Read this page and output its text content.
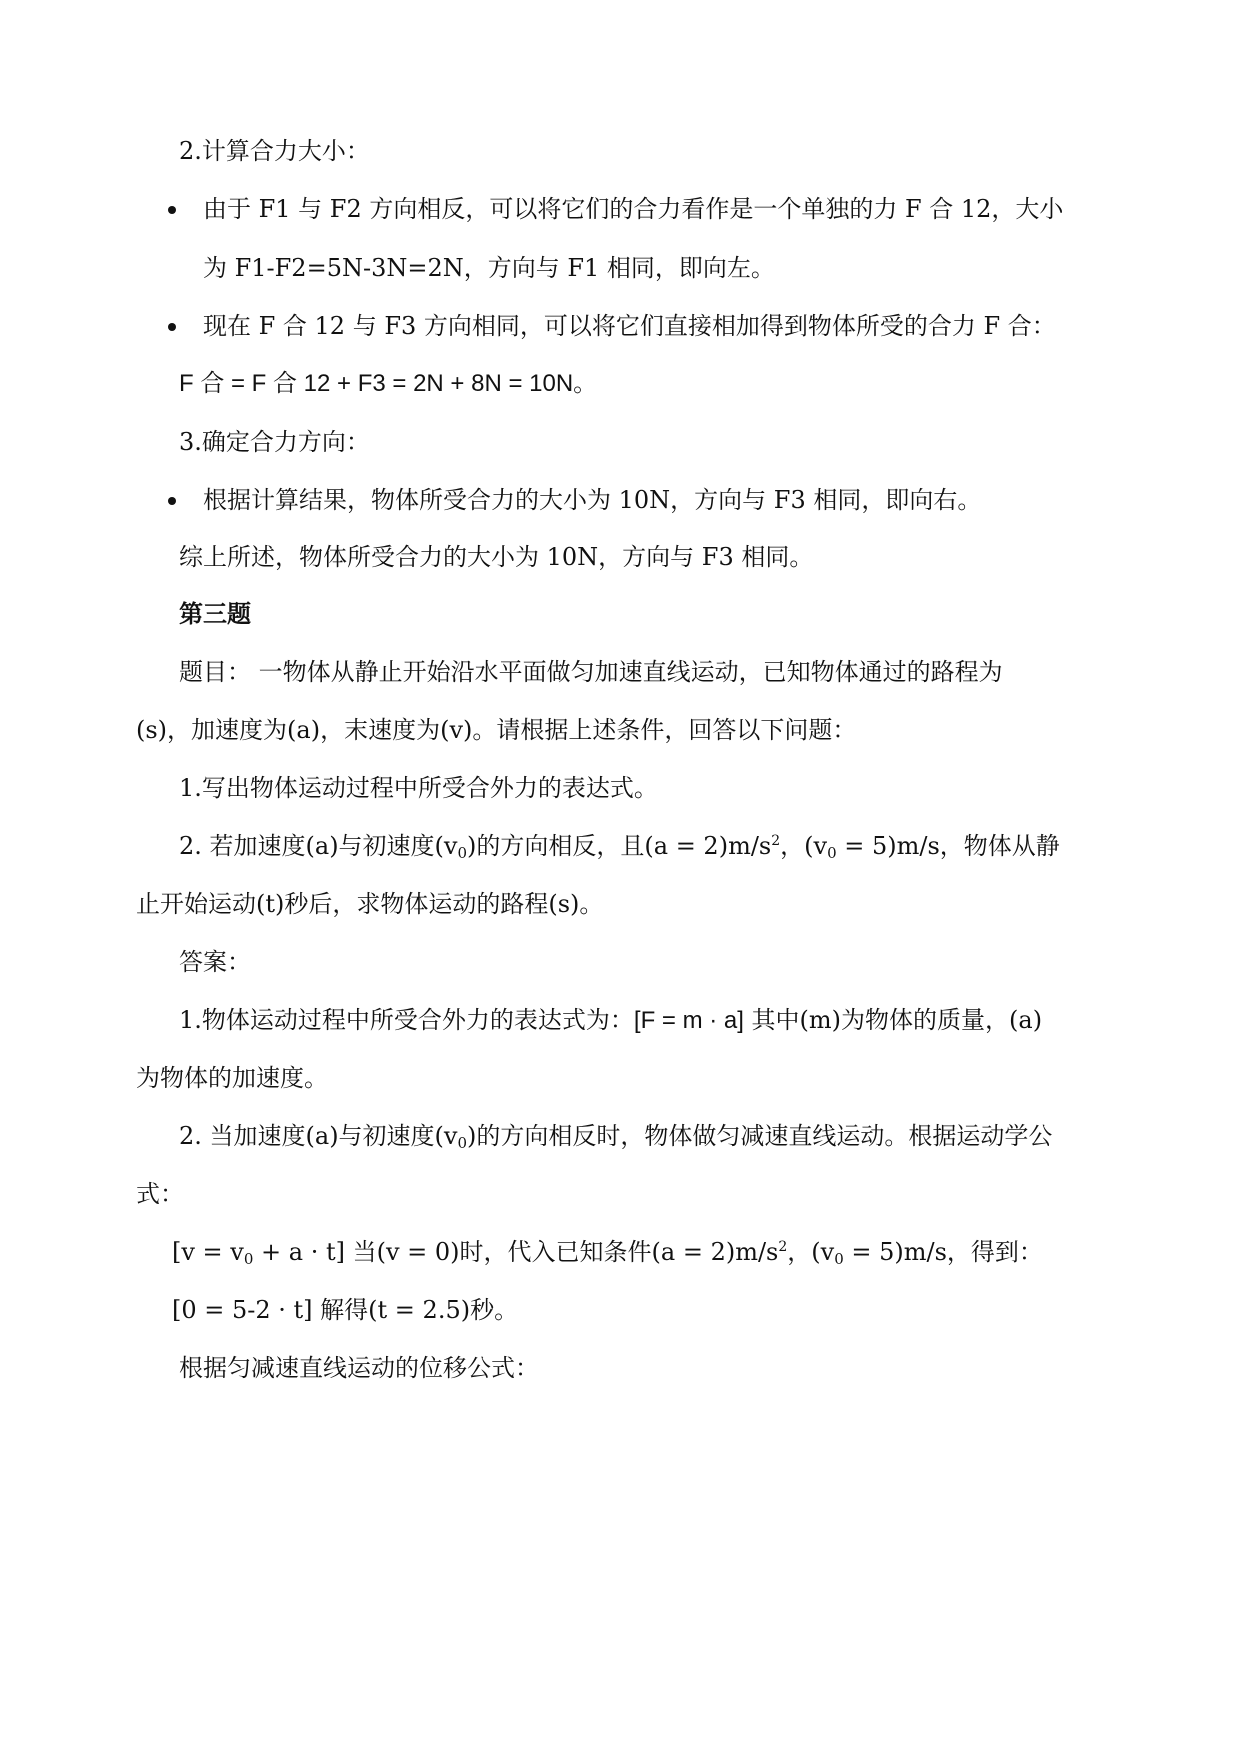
2.计算合力大小：
由于 F1 与 F2 方向相反，可以将它们的合力看作是一个单独的力 F 合 12，大小
为 F1-F2=5N-3N=2N，方向与 F1 相同，即向左。
现在 F 合 12 与 F3 方向相同，可以将它们直接相加得到物体所受的合力 F 合：
F 合 = F 合 12 + F3 = 2N + 8N = 10N。
3.确定合力方向：
根据计算结果，物体所受合力的大小为 10N，方向与 F3 相同，即向右。
综上所述，物体所受合力的大小为 10N，方向与 F3 相同。
第三题
题目： 一物体从静止开始沿水平面做匀加速直线运动，已知物体通过的路程为
(s)，加速度为(a)，末速度为(v)。请根据上述条件，回答以下问题：
1.写出物体运动过程中所受合外力的表达式。
2. 若加速度(a)与初速度$(v_0)$的方向相反，且$(a = 2)m/s^2$，$(v_0 = 5)m/s$，物体从静
止开始运动(t)秒后，求物体运动的路程(s)。
答案：
1.物体运动过程中所受合外力的表达式为：[F = m · a] 其中(m)为物体的质量，(a)
为物体的加速度。
2. 当加速度(a)与初速度$(v_0)$的方向相反时，物体做匀减速直线运动。根据运动学公
式：
$[v = v_0 + a \cdot t]$ 当(v = 0)时，代入已知条件$(a = 2)m/s^2$，$(v_0 = 5)m/s$，得到：
[0 = 5-2 · t] 解得(t = 2.5)秒。
根据匀减速直线运动的位移公式：
